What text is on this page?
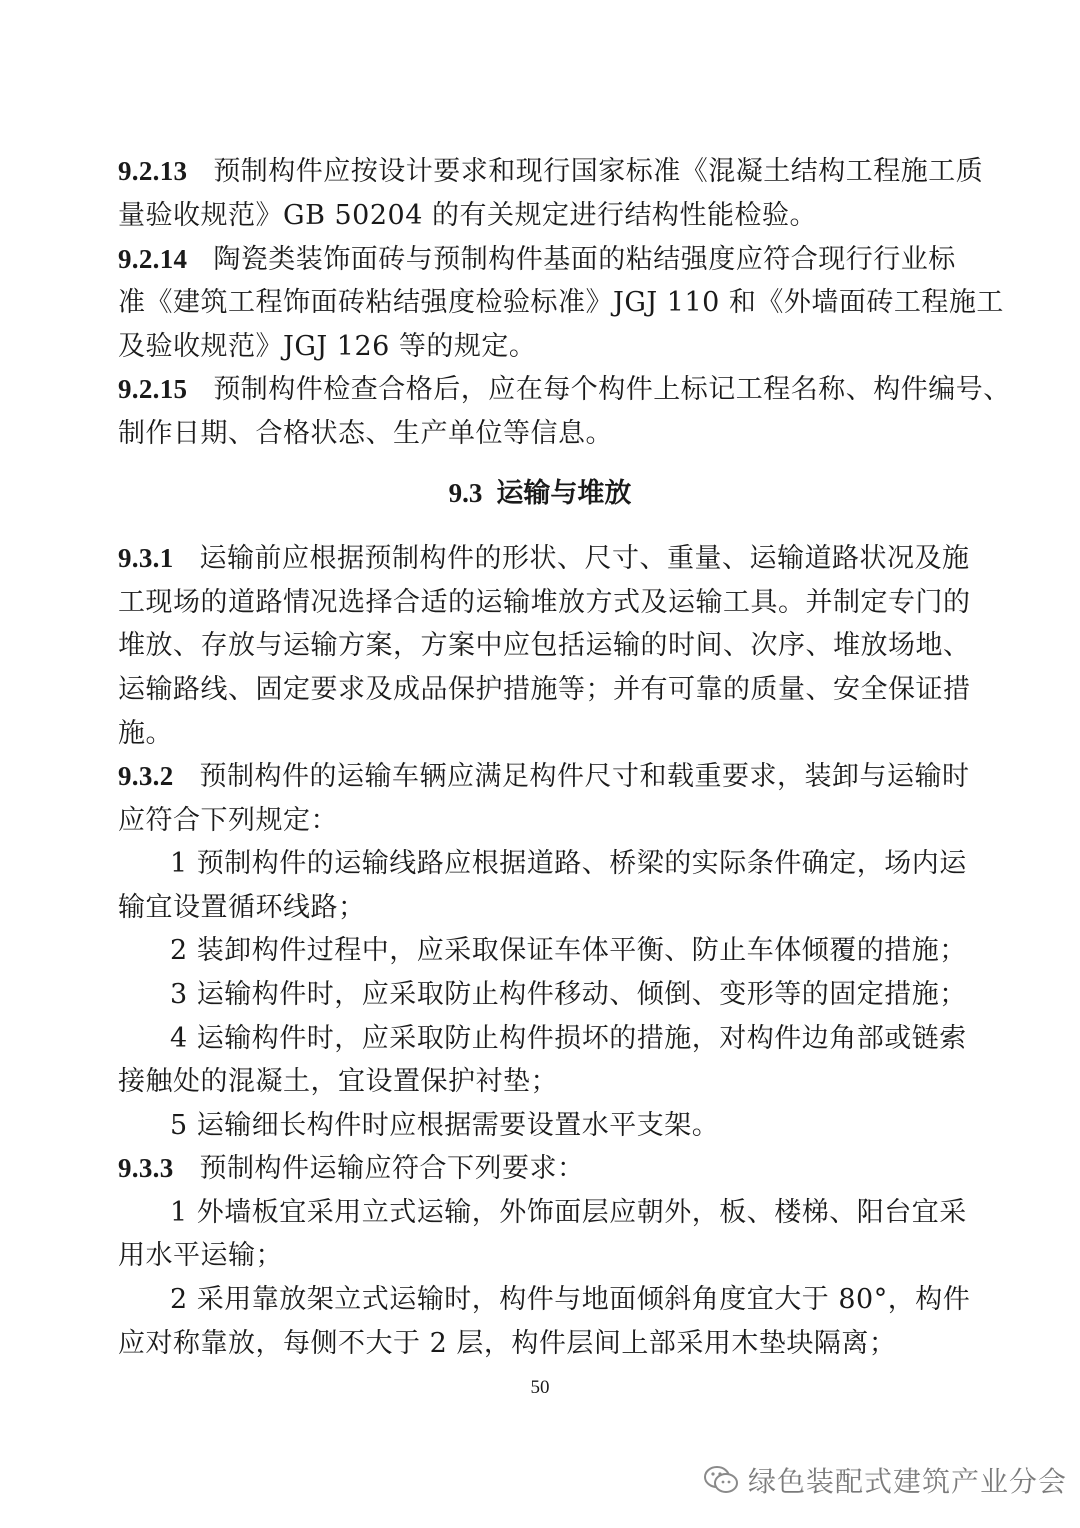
9.2.13 预制构件应按设计要求和现行国家标准《混凝土结构工程施工质
量验收规范》GB 50204 的有关规定进行结构性能检验。
9.2.14 陶瓷类装饰面砖与预制构件基面的粘结强度应符合现行行业标
准《建筑工程饰面砖粘结强度检验标准》JGJ 110 和《外墙面砖工程施工
及验收规范》JGJ 126 等的规定。
9.2.15 预制构件检查合格后，应在每个构件上标记工程名称、构件编号、
制作日期、合格状态、生产单位等信息。
9.3 运输与堆放
9.3.1 运输前应根据预制构件的形状、尺寸、重量、运输道路状况及施
工现场的道路情况选择合适的运输堆放方式及运输工具。并制定专门的
堆放、存放与运输方案，方案中应包括运输的时间、次序、堆放场地、
运输路线、固定要求及成品保护措施等；并有可靠的质量、安全保证措
施。
9.3.2 预制构件的运输车辆应满足构件尺寸和载重要求，装卸与运输时
应符合下列规定：
1 预制构件的运输线路应根据道路、桥梁的实际条件确定，场内运
输宜设置循环线路；
2 装卸构件过程中，应采取保证车体平衡、防止车体倾覆的措施；
3 运输构件时，应采取防止构件移动、倾倒、变形等的固定措施；
4 运输构件时，应采取防止构件损坏的措施，对构件边角部或链索
接触处的混凝土，宜设置保护衬垫；
5 运输细长构件时应根据需要设置水平支架。
9.3.3 预制构件运输应符合下列要求：
1 外墙板宜采用立式运输，外饰面层应朝外，板、楼梯、阳台宜采
用水平运输；
2 采用靠放架立式运输时，构件与地面倾斜角度宜大于 80°，构件
应对称靠放，每侧不大于 2 层，构件层间上部采用木垫块隔离；
50
绿色装配式建筑产业分会
